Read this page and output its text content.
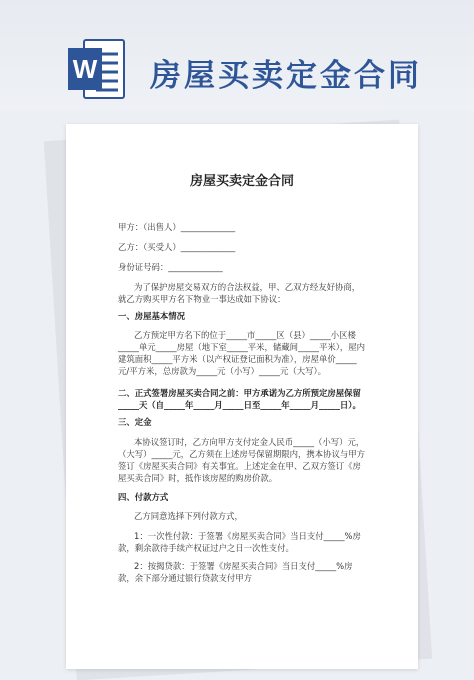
W 房屋买卖定金合同
房屋买卖定金合同
甲方：（出售人）_____________
乙方：（买受人）_____________
身份证号码：_____________
为了保护房屋交易双方的合法权益，甲、乙双方经友好协商，就乙方购买甲方名下物业一事达成如下协议：
一、房屋基本情况
乙方预定甲方名下的位于_____市_____区（县）_____小区楼_____单元_____房屋（地下室_____平米，储藏间_____平米），屋内建筑面积_____平方米（以产权证登记面积为准），房屋单价_____元/平方米，总房款为_____元（小写）_____元（大写）。
二、正式签署房屋买卖合同之前：甲方承诺为乙方所预定房屋保留_____天（自_____年_____月_____日至_____年_____月_____日）。
三、定金
本协议签订时，乙方向甲方支付定金人民币_____（小写）元，（大写）_____元，乙方须在上述房号保留期限内，携本协议与甲方签订《房屋买卖合同》有关事宜。上述定金在甲、乙双方签订《房屋买卖合同》时，抵作该房屋的购房价款。
四、付款方式
乙方同意选择下列付款方式，
1：一次性付款：于签署《房屋买卖合同》当日支付_____%房款，剩余款待手续产权证过户之日一次性支付。
2：按揭贷款：于签署《房屋买卖合同》当日支付_____%房款，余下部分通过银行贷款支付甲方
